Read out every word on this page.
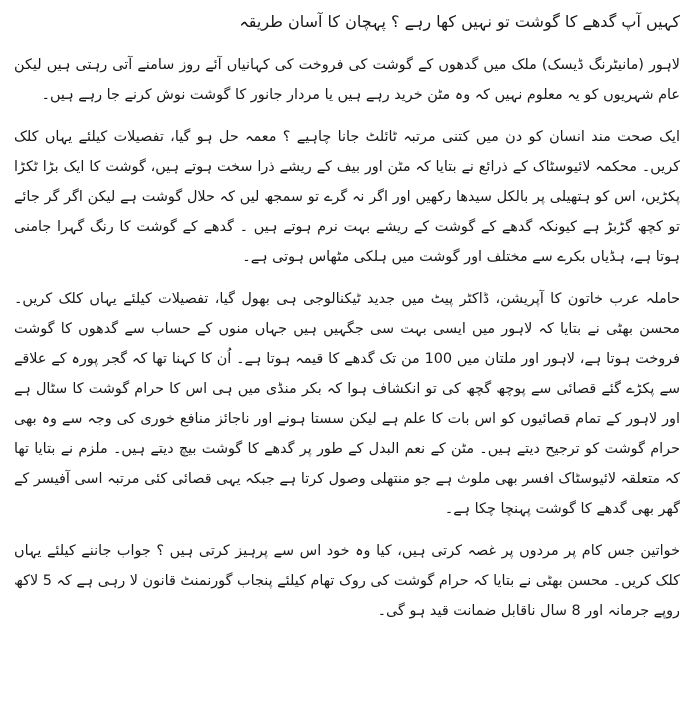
کہیں آپ گدھے کا گوشت تو نہیں کھا رہے ؟ پہچان کا آسان طریقہ

لاہور (مانیٹرنگ ڈیسک) ملک میں گدھوں کے گوشت کی فروخت کی کہانیاں آئے روز سامنے آتی رہتی ہیں لیکن عام شہریوں کو یہ معلوم نہیں کہ وہ مٹن خرید رہے ہیں یا مردار جانور کا گوشت نوش کرنے جا رہے ہیں۔

ایک صحت مند انسان کو دن میں کتنی مرتبہ ٹائلٹ جانا چاہیے ؟ معمہ حل ہو گیا، تفصیلات کیلئے یہاں کلک کریں۔ محکمہ لائیوسٹاک کے ذرائع نے بتایا کہ مٹن اور بیف کے ریشے ذرا سخت ہوتے ہیں، گوشت کا ایک بڑا ٹکڑا پکڑیں، اس کو ہتھیلی پر بالکل سیدھا رکھیں اور اگر نہ گرے تو سمجھ لیں کہ حلال گوشت ہے لیکن اگر گر جائے تو کچھ گڑبڑ ہے کیونکہ گدھے کے گوشت کے ریشے بہت نرم ہوتے ہیں ۔ گدھے کے گوشت کا رنگ گہرا جامنی ہوتا ہے، ہڈیاں بکرے سے مختلف اور گوشت میں ہلکی مٹھاس ہوتی ہے۔

حاملہ عرب خاتون کا آپریشن، ڈاکٹر پیٹ میں جدید ٹیکنالوجی ہی بھول گیا، تفصیلات کیلئے یہاں کلک کریں۔ محسن بھٹی نے بتایا کہ لاہور میں ایسی بہت سی جگہیں ہیں جہاں منوں کے حساب سے گدھوں کا گوشت فروخت ہوتا ہے، لاہور اور ملتان میں 100 من تک گدھے کا قیمہ ہوتا ہے۔ اُن کا کہنا تھا کہ گجر پورہ کے علاقے سے پکڑے گئے قصائی سے پوچھ گچھ کی تو انکشاف ہوا کہ بکر منڈی میں ہی اس کا حرام گوشت کا سٹال ہے اور لاہور کے تمام قصائیوں کو اس بات کا علم ہے لیکن سستا ہونے اور ناجائز منافع خوری کی وجہ سے وہ بھی حرام گوشت کو ترجیح دیتے ہیں۔ مٹن کے نعم البدل کے طور پر گدھے کا گوشت بیچ دیتے ہیں۔ ملزم نے بتایا تھا کہ متعلقہ لائیوسٹاک افسر بھی ملوث ہے جو منتھلی وصول کرتا ہے جبکہ یہی قصائی کئی مرتبہ اسی آفیسر کے گھر بھی گدھے کا گوشت پہنچا چکا ہے۔

خواتین جس کام پر مردوں پر غصہ کرتی ہیں، کیا وہ خود اس سے پرہیز کرتی ہیں ؟ جواب جاننے کیلئے یہاں کلک کریں۔ محسن بھٹی نے بتایا کہ حرام گوشت کی روک تھام کیلئے پنجاب گورنمنٹ قانون لا رہی ہے کہ 5 لاکھ روپے جرمانہ اور 8 سال ناقابل ضمانت قید ہو گی۔
